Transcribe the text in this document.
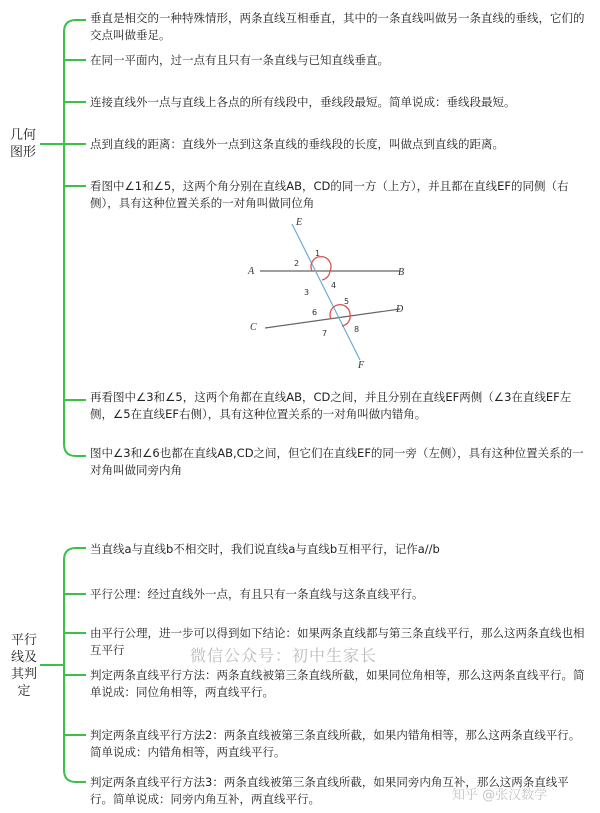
几何
图形
垂直是相交的一种特殊情形，两条直线互相垂直，其中的一条直线叫做另一条直线的垂线，它们的交点叫做垂足。
在同一平面内，过一点有且只有一条直线与已知直线垂直。
连接直线外一点与直线上各点的所有线段中，垂线段最短。简单说成：垂线段最短。
点到直线的距离：直线外一点到这条直线的垂线段的长度，叫做点到直线的距离。
看图中∠1和∠5，这两个角分别在直线AB，CD的同一方（上方），并且都在直线EF的同侧（右侧），具有这种位置关系的一对角叫做同位角
E
A	B
C
D
F
1
2
3
4
5
6
7	8
再看图中∠3和∠5，这两个角都在直线AB，CD之间，并且分别在直线EF两侧（∠3在直线EF左侧，∠5在直线EF右侧），具有这种位置关系的一对角叫做内错角。
图中∠3和∠6也都在直线AB,CD之间，但它们在直线EF的同一旁（左侧），具有这种位置关系的一对角叫做同旁内角
平行
线及
其判
定
当直线a与直线b不相交时，我们说直线a与直线b互相平行，记作a//b
平行公理：经过直线外一点，有且只有一条直线与这条直线平行。
由平行公理，进一步可以得到如下结论：如果两条直线都与第三条直线平行，那么这两条直线也相互平行
判定两条直线平行方法：两条直线被第三条直线所截，如果同位角相等，那么这两条直线平行。简单说成：同位角相等，两直线平行。
判定两条直线平行方法2：两条直线被第三条直线所截，如果内错角相等，那么这两条直线平行。简单说成：内错角相等，两直线平行。
判定两条直线平行方法3：两条直线被第三条直线所截，如果同旁内角互补，那么这两条直线平行。简单说成：同旁内角互补，两直线平行。
微信公众号：初中生家长
知乎 @张汉数学
